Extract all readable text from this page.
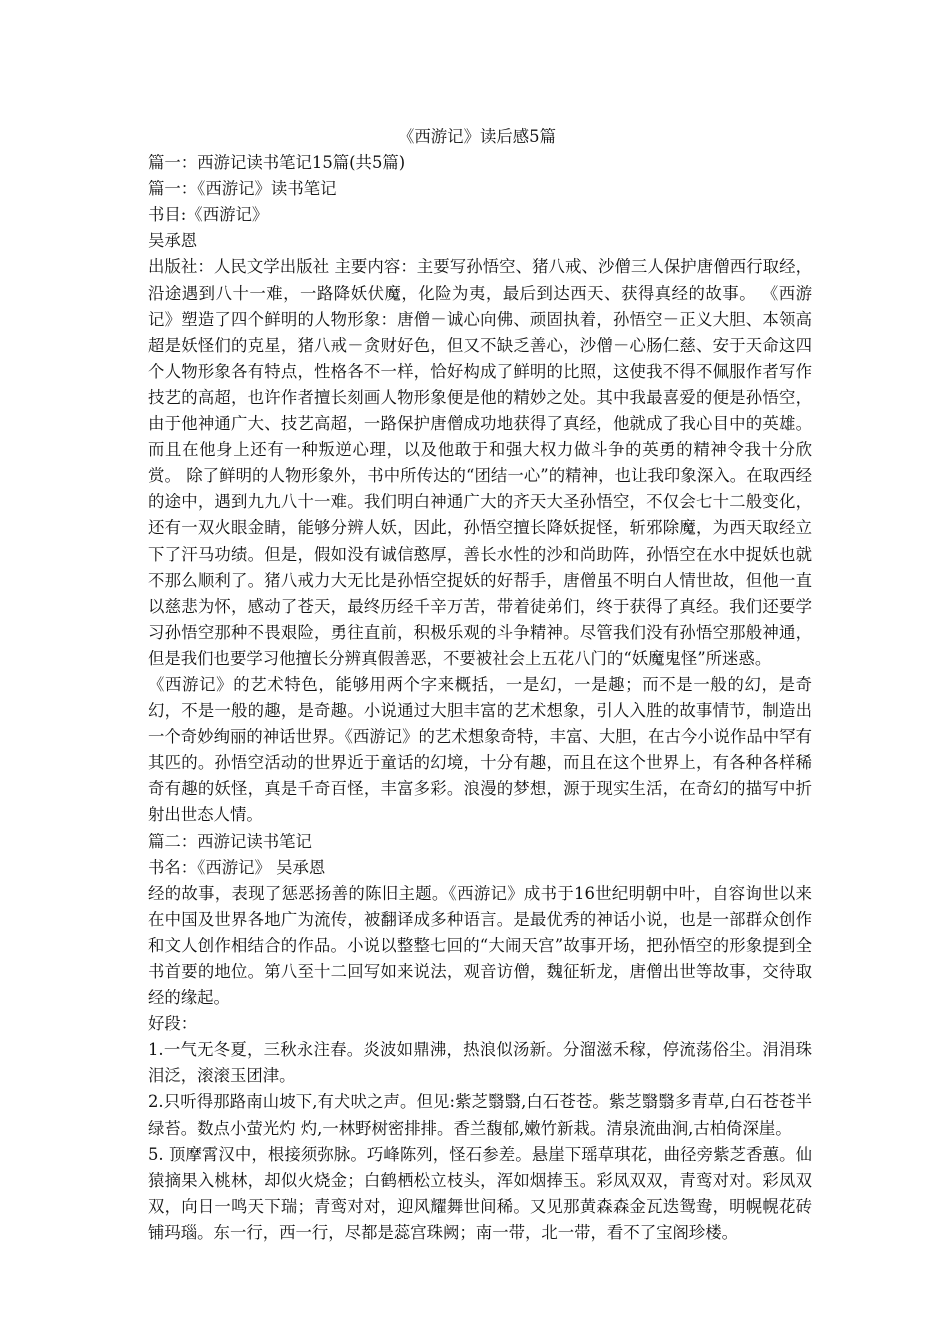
《西游记》读后感5篇

篇一：西游记读书笔记15篇(共5篇)

篇一：《西游记》读书笔记

书目:《西游记》

吴承恩

出版社：人民文学出版社 主要内容：主要写孙悟空、猪八戒、沙僧三人保护唐僧西行取经，沿途遇到八十一难，一路降妖伏魔，化险为夷，最后到达西天、获得真经的故事。 《西游记》塑造了四个鲜明的人物形象：唐僧－诚心向佛、顽固执着，孙悟空－正义大胆、本领高超是妖怪们的克星，猪八戒－贪财好色，但又不缺乏善心，沙僧－心肠仁慈、安于天命这四个人物形象各有特点，性格各不一样，恰好构成了鲜明的比照，这使我不得不佩服作者写作技艺的高超，也许作者擅长刻画人物形象便是他的精妙之处。其中我最喜爱的便是孙悟空，由于他神通广大、技艺高超，一路保护唐僧成功地获得了真经，他就成了我心目中的英雄。而且在他身上还有一种叛逆心理，以及他敢于和强大权力做斗争的英勇的精神令我十分欣赏。 除了鲜明的人物形象外，书中所传达的“团结一心”的精神，也让我印象深入。在取西经的途中，遇到九九八十一难。我们明白神通广大的齐天大圣孙悟空，不仅会七十二般变化，还有一双火眼金睛，能够分辨人妖，因此，孙悟空擅长降妖捉怪，斩邪除魔，为西天取经立下了汗马功绩。但是，假如没有诚信憨厚，善长水性的沙和尚助阵，孙悟空在水中捉妖也就不那么顺利了。猪八戒力大无比是孙悟空捉妖的好帮手，唐僧虽不明白人情世故，但他一直以慈悲为怀，感动了苍天，最终历经千辛万苦，带着徒弟们，终于获得了真经。我们还要学习孙悟空那种不畏艰险，勇往直前，积极乐观的斗争精神。尽管我们没有孙悟空那般神通，但是我们也要学习他擅长分辨真假善恶，不要被社会上五花八门的“妖魔鬼怪”所迷惑。

《西游记》的艺术特色，能够用两个字来概括，一是幻，一是趣；而不是一般的幻，是奇幻，不是一般的趣，是奇趣。小说通过大胆丰富的艺术想象，引人入胜的故事情节，制造出一个奇妙绚丽的神话世界。《西游记》的艺术想象奇特，丰富、大胆，在古今小说作品中罕有其匹的。孙悟空活动的世界近于童话的幻境，十分有趣，而且在这个世界上，有各种各样稀奇有趣的妖怪，真是千奇百怪，丰富多彩。浪漫的梦想，源于现实生活，在奇幻的描写中折射出世态人情。

篇二：西游记读书笔记

书名：《西游记》 吴承恩

经的故事，表现了惩恶扬善的陈旧主题。《西游记》成书于16世纪明朝中叶，自容询世以来在中国及世界各地广为流传，被翻译成多种语言。是最优秀的神话小说，也是一部群众创作和文人创作相结合的作品。小说以整整七回的“大闹天宫”故事开场，把孙悟空的形象提到全书首要的地位。第八至十二回写如来说法，观音访僧，魏征斩龙，唐僧出世等故事，交待取经的缘起。

好段：

1.一气无冬夏，三秋永注春。炎波如鼎沸，热浪似汤新。分溜滋禾稼，停流荡俗尘。涓涓珠泪泛，滚滚玉团津。

2.只听得那路南山坡下,有犬吠之声。但见:紫芝翳翳,白石苍苍。紫芝翳翳多青草,白石苍苍半绿苔。数点小萤光灼 灼,一林野树密排排。香兰馥郁,嫩竹新栽。清泉流曲涧,古柏倚深崖。

5. 顶摩霄汉中，根接须弥脉。巧峰陈列，怪石参差。悬崖下瑶草琪花，曲径旁紫芝香蕙。仙猿摘果入桃林，却似火烧金；白鹤栖松立枝头，浑如烟捧玉。彩凤双双，青鸾对对。彩凤双双，向日一鸣天下瑞；青鸾对对，迎风耀舞世间稀。又见那黄森森金瓦迭鸳鸯，明幌幌花砖铺玛瑙。东一行，西一行，尽都是蕊宫珠阙；南一带，北一带，看不了宝阁珍楼。
